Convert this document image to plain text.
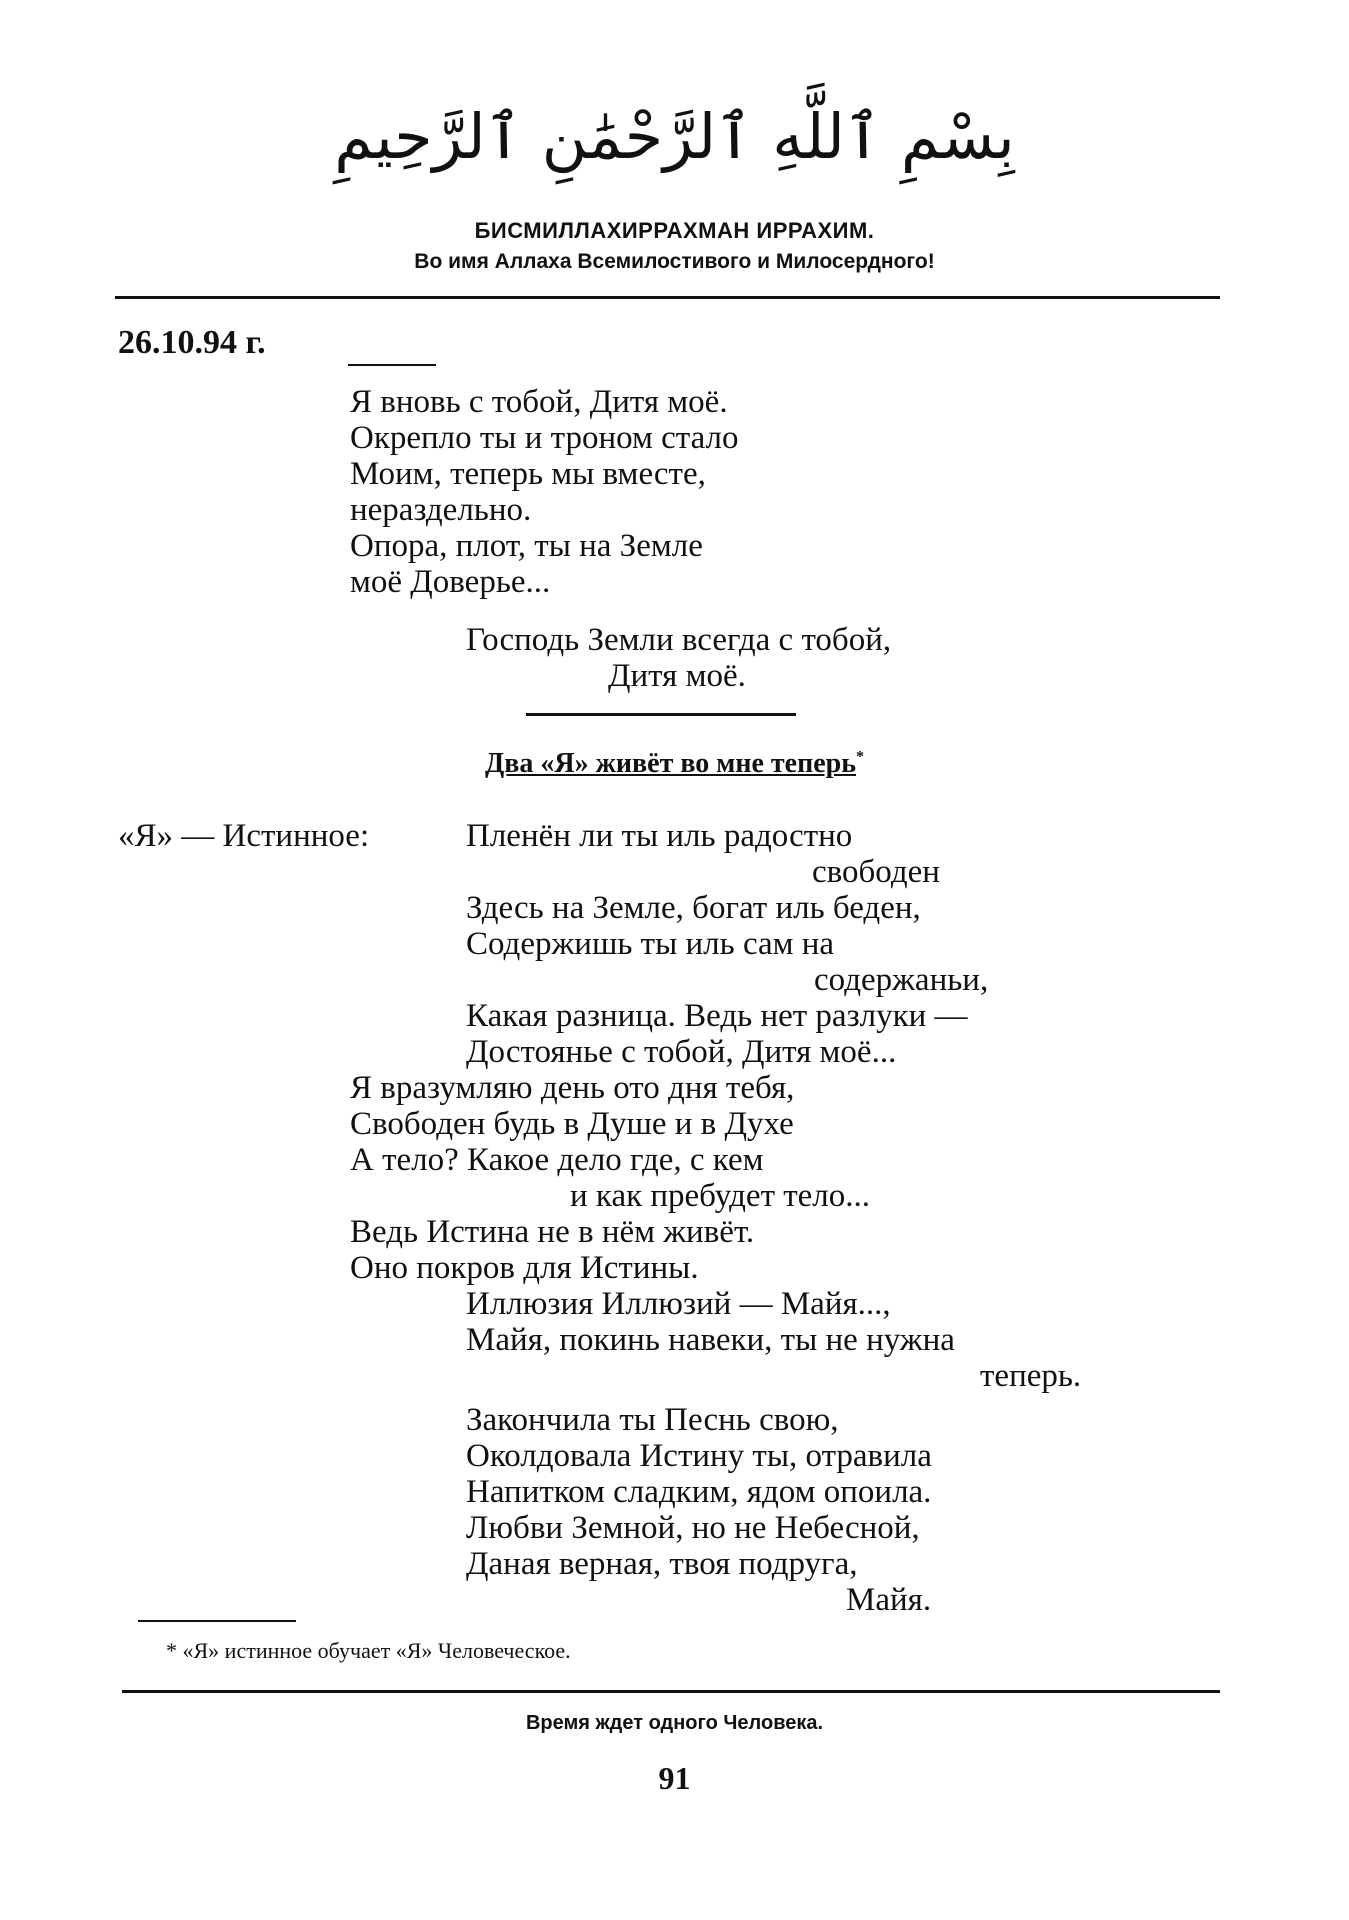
بِسْمِ ٱللَّهِ ٱلرَّحْمَٰنِ ٱلرَّحِيمِ
БИСМИЛЛАХИРРАХМАН ИРРАХИМ.
Во имя Аллаха Всемилостивого и Милосердного!
26.10.94 г.
Я вновь с тобой, Дитя моё.
Окрепло ты и троном стало
Моим, теперь мы вместе,
нераздельно.
Опора, плот, ты на Земле
моё Доверье...
Господь Земли всегда с тобой,
Дитя моё.
Два «Я» живёт во мне теперь*
«Я» — Истинное:	Пленён ли ты иль радостно
свободен
Здесь на Земле, богат иль беден,
Содержишь ты иль сам на
содержаньи,
Какая разница. Ведь нет разлуки —
Достоянье с тобой, Дитя моё...
Я вразумляю день ото дня тебя,
Свободен будь в Душе и в Духе
А тело? Какое дело где, с кем
и как пребудет тело...
Ведь Истина не в нём живёт.
Оно покров для Истины.
Иллюзия Иллюзий — Майя...,
Майя, покинь навеки, ты не нужна
теперь.
Закончила ты Песнь свою,
Околдовала Истину ты, отравила
Напитком сладким, ядом опоила.
Любви Земной, но не Небесной,
Даная верная, твоя подруга,
Майя.
* «Я» истинное обучает «Я» Человеческое.
Время ждет одного Человека.
91
